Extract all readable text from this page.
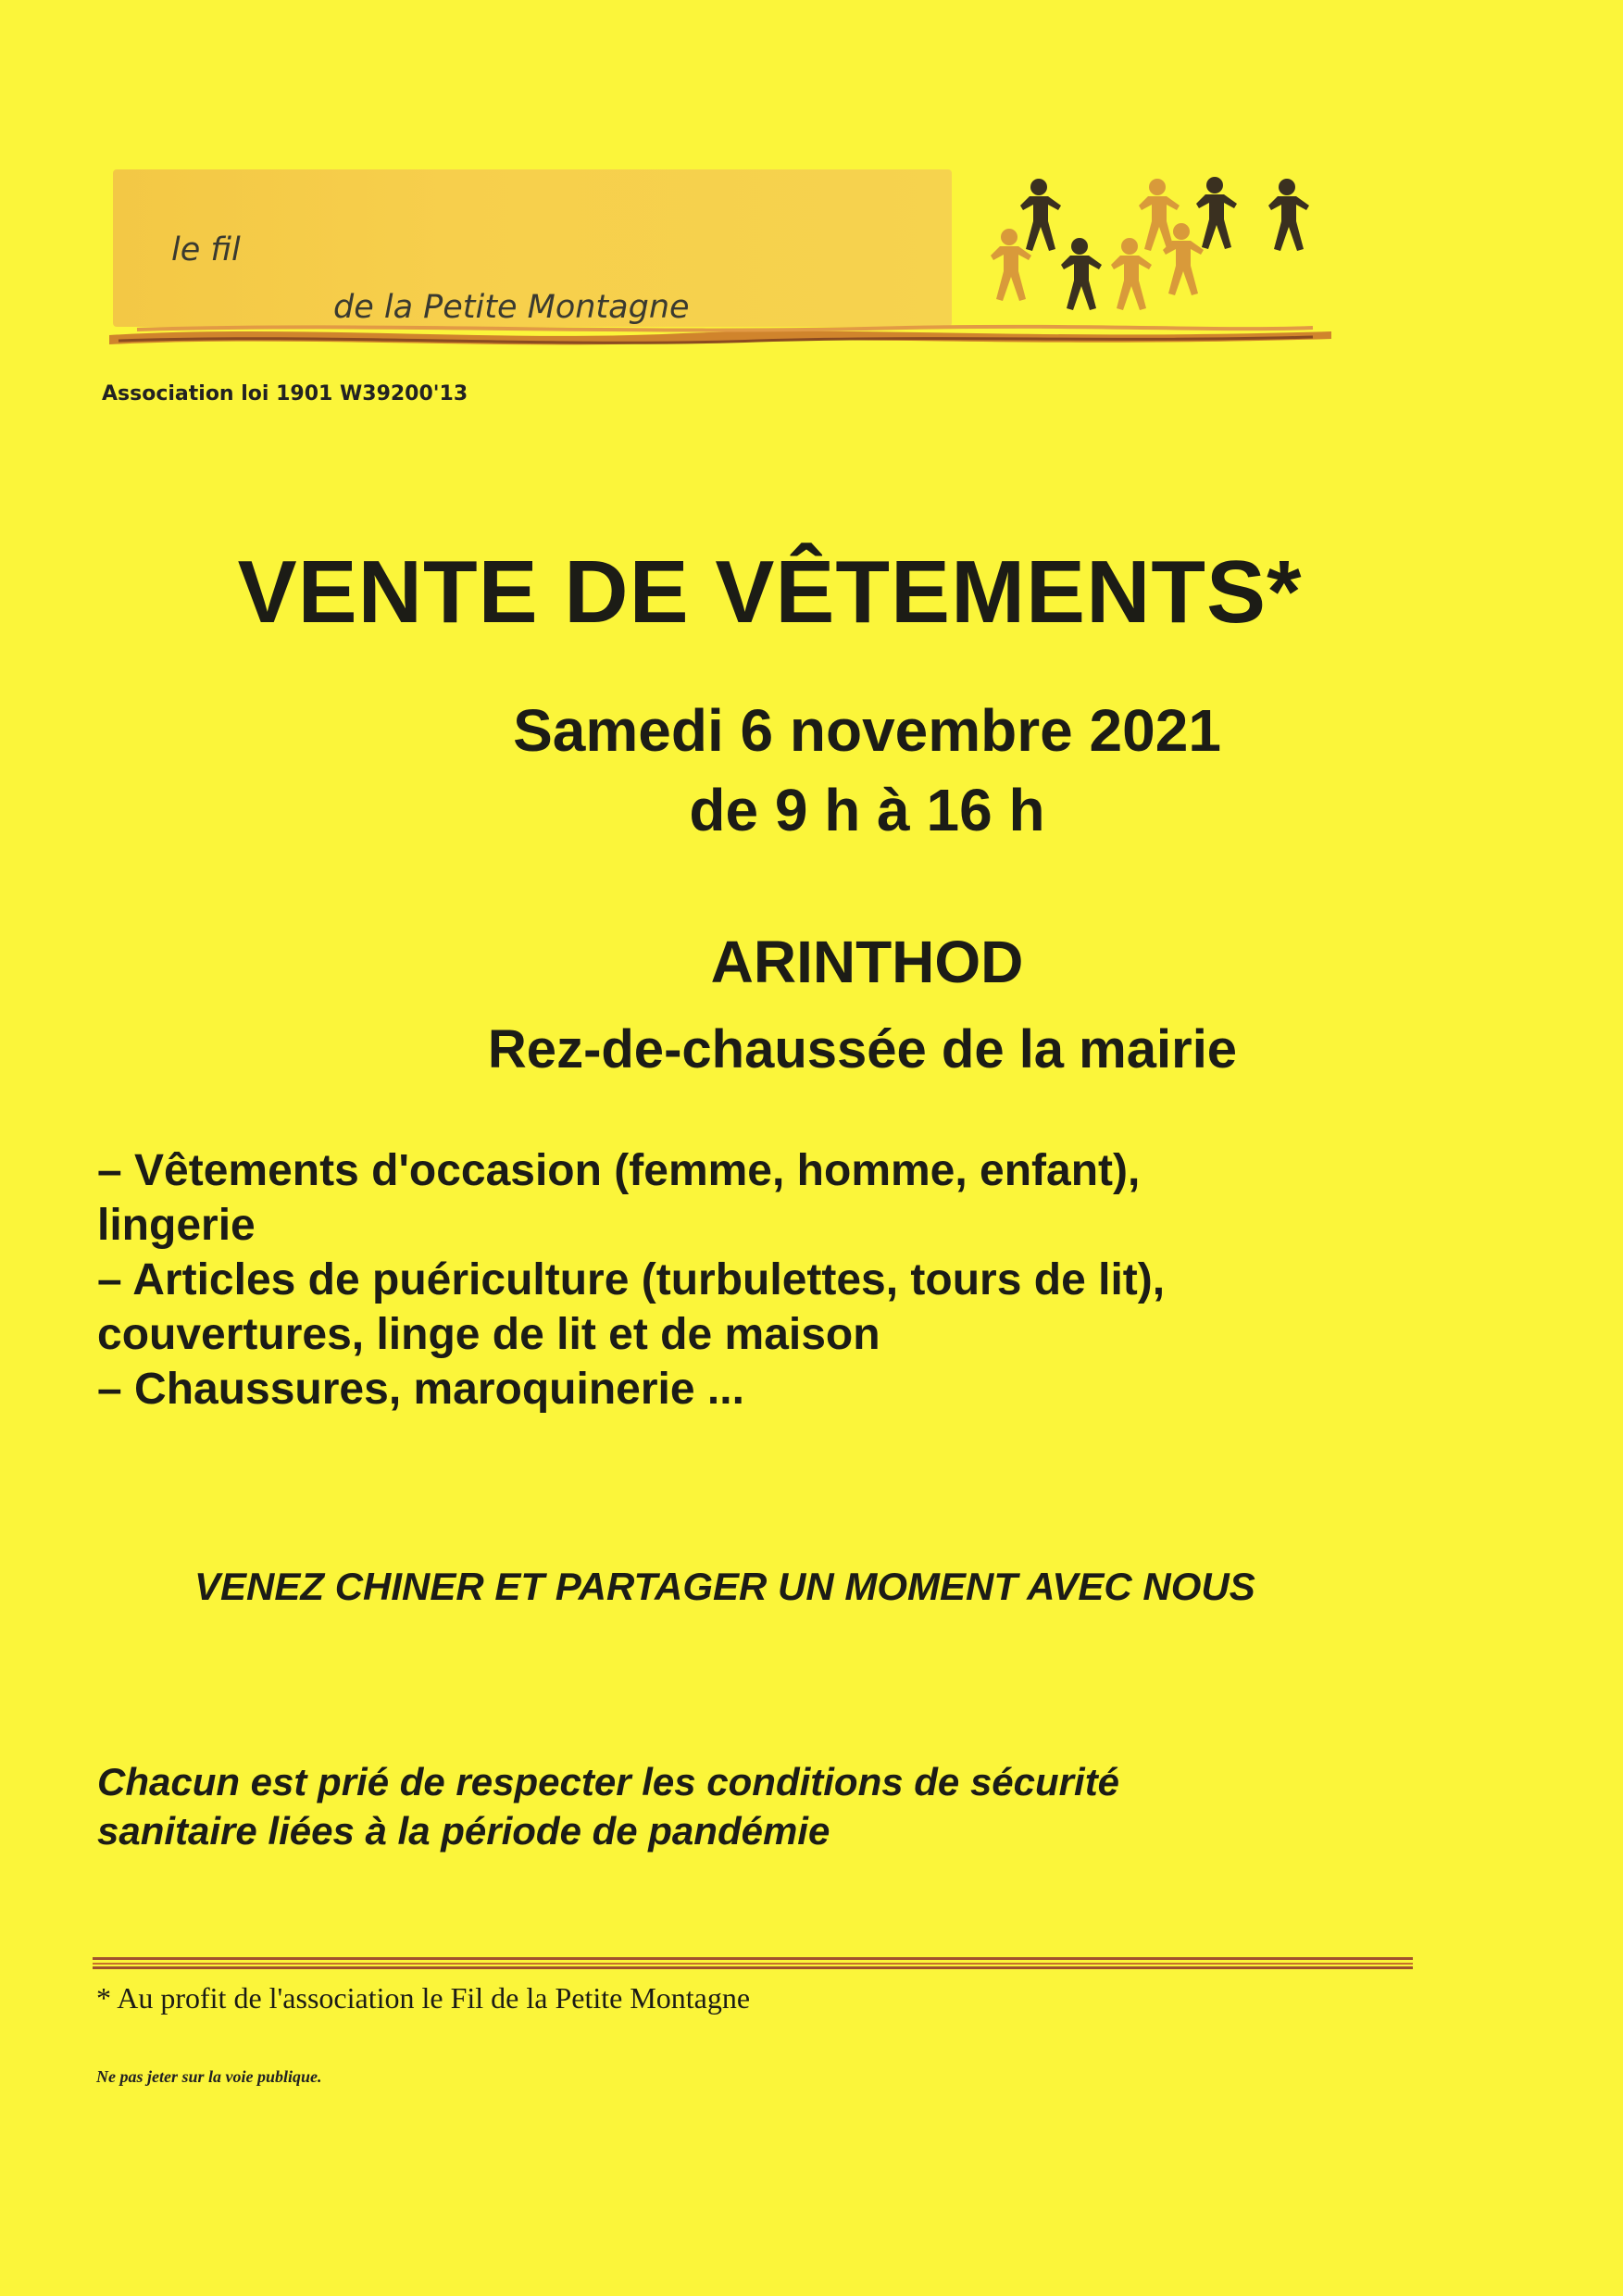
le fil
de la Petite Montagne
Association loi 1901 W39200'13
VENTE DE VÊTEMENTS*
Samedi 6 novembre 2021
de 9 h à 16 h
ARINTHOD
Rez-de-chaussée de la mairie
– Vêtements d'occasion (femme, homme, enfant),
lingerie
– Articles de puériculture (turbulettes, tours de lit),
couvertures, linge de lit et de maison
– Chaussures, maroquinerie ...
VENEZ CHINER ET PARTAGER UN MOMENT AVEC NOUS
Chacun est prié de respecter les conditions de sécurité
sanitaire liées à la période de pandémie
* Au profit de l'association le Fil de la Petite Montagne
Ne pas jeter sur la voie publique.
